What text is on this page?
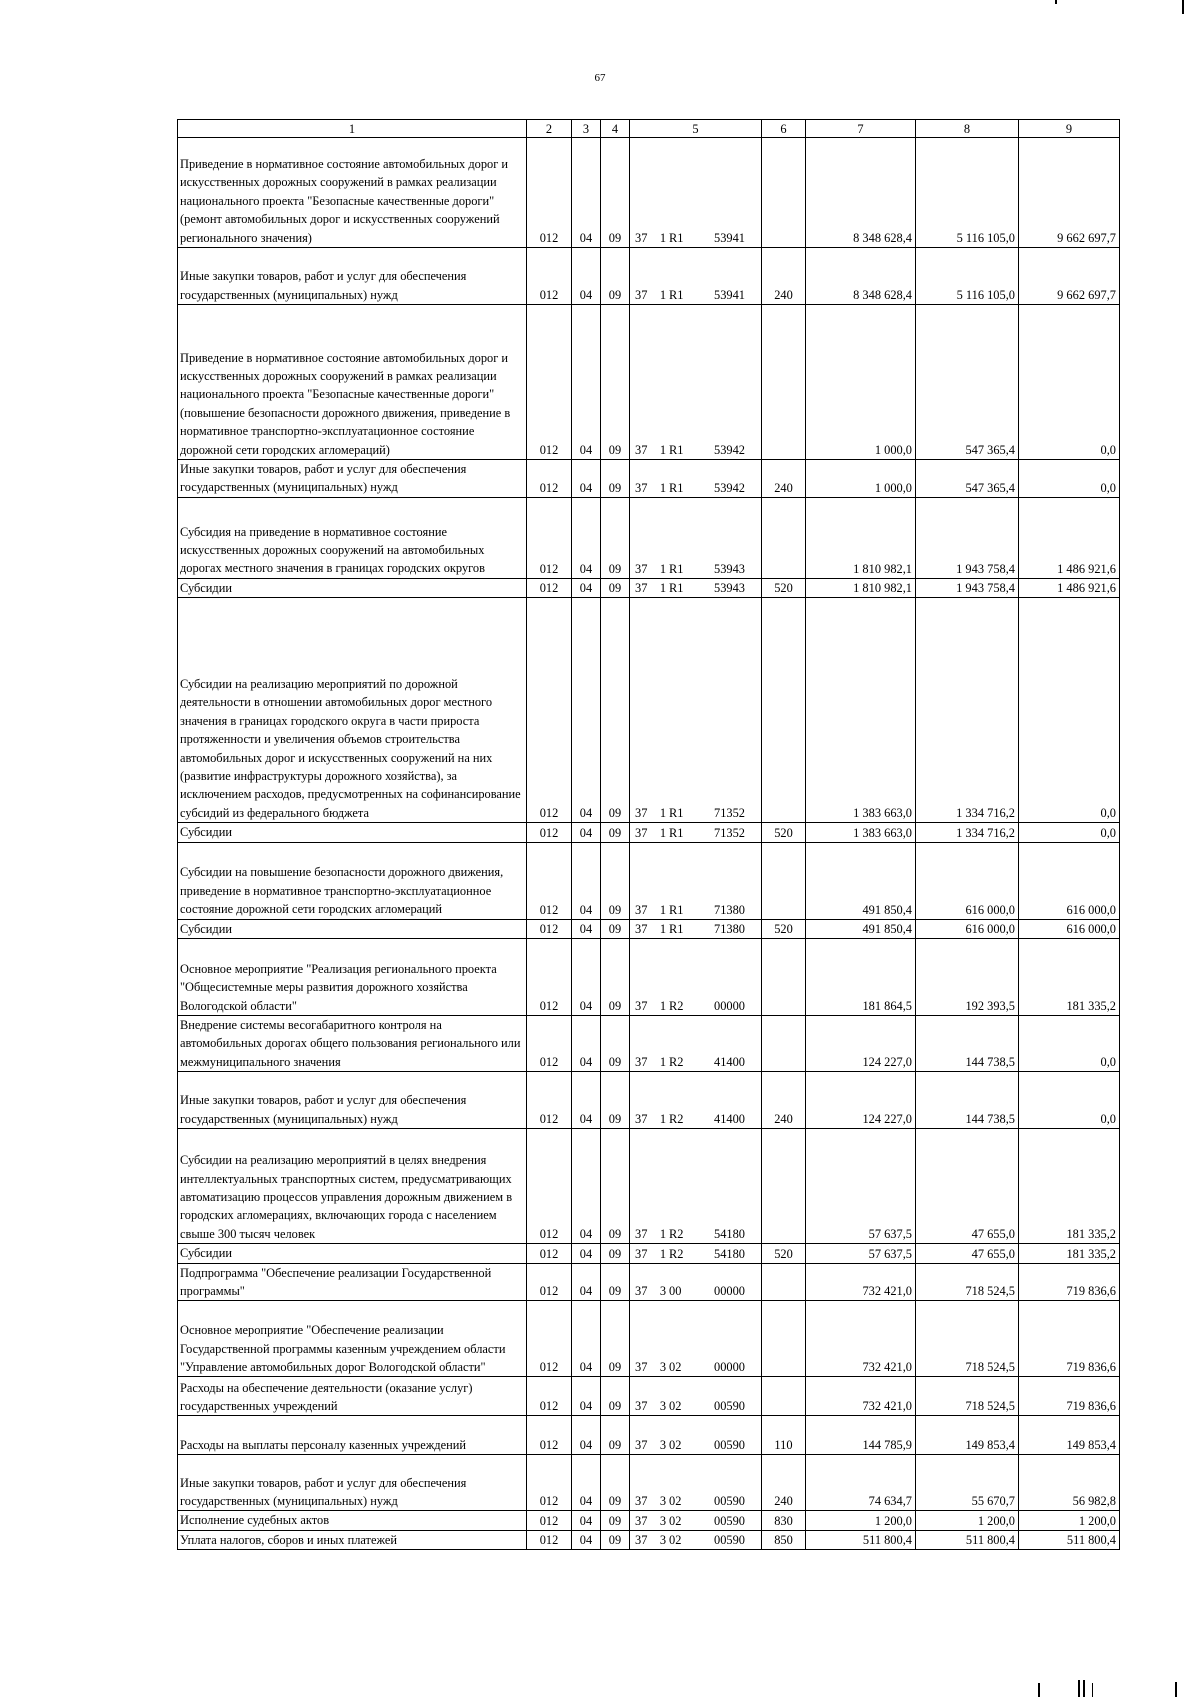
67
1	2	3	4	5	6	7	8	9
Приведение в нормативное состояние автомобильных дорог и искусственных дорожных сооружений в рамках реализации национального проекта "Безопасные качественные дороги" (ремонт автомобильных дорог и искусственных сооружений регионального значения)	012	04	09	37 1 R1 53941		8 348 628,4	5 116 105,0	9 662 697,7
Иные закупки товаров, работ и услуг для обеспечения государственных (муниципальных) нужд	012	04	09	37 1 R1 53941	240	8 348 628,4	5 116 105,0	9 662 697,7
Приведение в нормативное состояние автомобильных дорог и искусственных дорожных сооружений в рамках реализации национального проекта "Безопасные качественные дороги" (повышение безопасности дорожного движения, приведение в нормативное транспортно-эксплуатационное состояние дорожной сети городских агломераций)	012	04	09	37 1 R1 53942		1 000,0	547 365,4	0,0
Иные закупки товаров, работ и услуг для обеспечения государственных (муниципальных) нужд	012	04	09	37 1 R1 53942	240	1 000,0	547 365,4	0,0
Субсидия на приведение в нормативное состояние искусственных дорожных сооружений на автомобильных дорогах местного значения в границах городских округов	012	04	09	37 1 R1 53943		1 810 982,1	1 943 758,4	1 486 921,6
Субсидии	012	04	09	37 1 R1 53943	520	1 810 982,1	1 943 758,4	1 486 921,6
Субсидии на реализацию мероприятий по дорожной деятельности в отношении автомобильных дорог местного значения в границах городского округа в части прироста протяженности и увеличения объемов строительства автомобильных дорог и искусственных сооружений на них (развитие инфраструктуры дорожного хозяйства), за исключением расходов, предусмотренных на софинансирование субсидий из федерального бюджета	012	04	09	37 1 R1 71352		1 383 663,0	1 334 716,2	0,0
Субсидии	012	04	09	37 1 R1 71352	520	1 383 663,0	1 334 716,2	0,0
Субсидии на повышение безопасности дорожного движения, приведение в нормативное транспортно-эксплуатационное состояние дорожной сети городских агломераций	012	04	09	37 1 R1 71380		491 850,4	616 000,0	616 000,0
Субсидии	012	04	09	37 1 R1 71380	520	491 850,4	616 000,0	616 000,0
Основное мероприятие "Реализация регионального проекта "Общесистемные меры развития дорожного хозяйства Вологодской области"	012	04	09	37 1 R2 00000		181 864,5	192 393,5	181 335,2
Внедрение системы весогабаритного контроля на автомобильных дорогах общего пользования регионального или межмуниципального значения	012	04	09	37 1 R2 41400		124 227,0	144 738,5	0,0
Иные закупки товаров, работ и услуг для обеспечения государственных (муниципальных) нужд	012	04	09	37 1 R2 41400	240	124 227,0	144 738,5	0,0
Субсидии на реализацию мероприятий в целях внедрения интеллектуальных транспортных систем, предусматривающих автоматизацию процессов управления дорожным движением в городских агломерациях, включающих города с населением свыше 300 тысяч человек	012	04	09	37 1 R2 54180		57 637,5	47 655,0	181 335,2
Субсидии	012	04	09	37 1 R2 54180	520	57 637,5	47 655,0	181 335,2
Подпрограмма "Обеспечение реализации Государственной программы"	012	04	09	37 3 00 00000		732 421,0	718 524,5	719 836,6
Основное мероприятие "Обеспечение реализации Государственной программы казенным учреждением области "Управление автомобильных дорог Вологодской области"	012	04	09	37 3 02 00000		732 421,0	718 524,5	719 836,6
Расходы на обеспечение деятельности (оказание услуг) государственных учреждений	012	04	09	37 3 02 00590		732 421,0	718 524,5	719 836,6
Расходы на выплаты персоналу казенных учреждений	012	04	09	37 3 02 00590	110	144 785,9	149 853,4	149 853,4
Иные закупки товаров, работ и услуг для обеспечения государственных (муниципальных) нужд	012	04	09	37 3 02 00590	240	74 634,7	55 670,7	56 982,8
Исполнение судебных актов	012	04	09	37 3 02 00590	830	1 200,0	1 200,0	1 200,0
Уплата налогов, сборов и иных платежей	012	04	09	37 3 02 00590	850	511 800,4	511 800,4	511 800,4
